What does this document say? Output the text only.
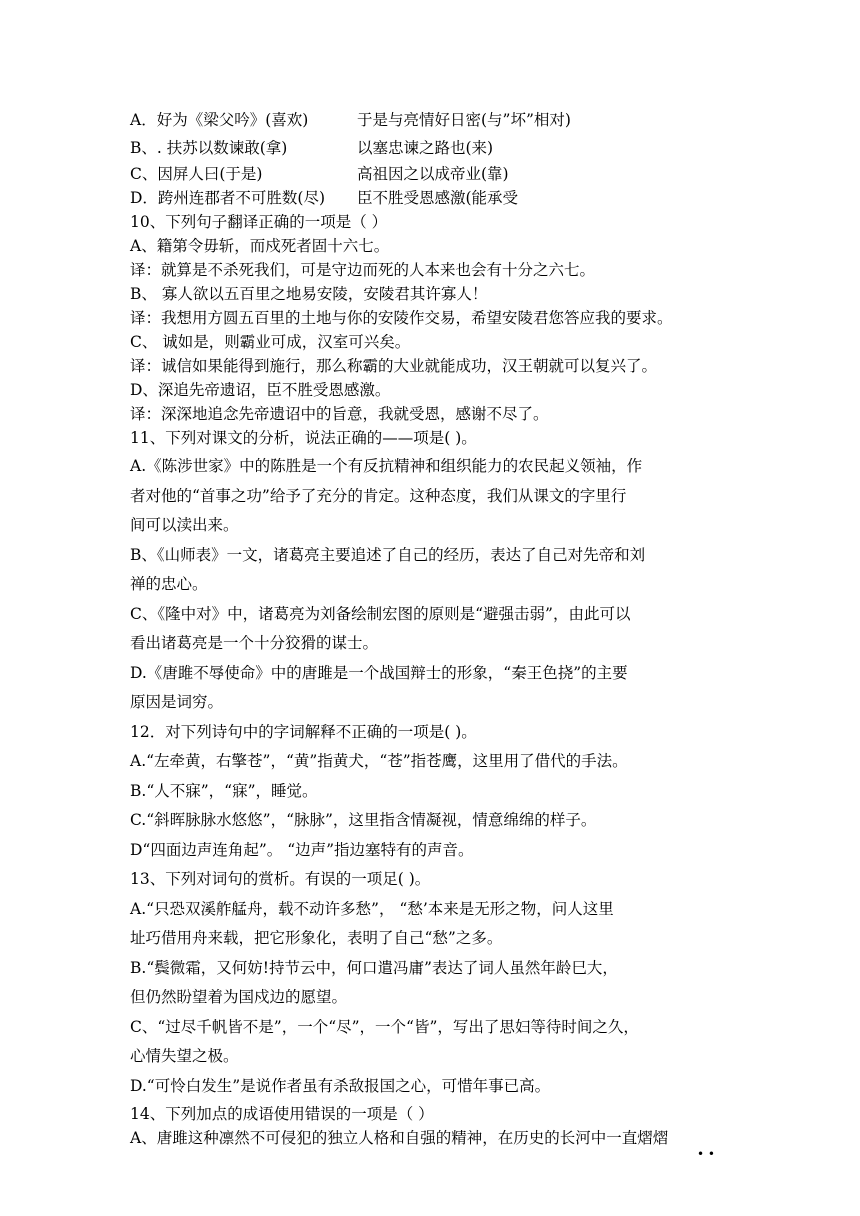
A．好为《梁父吟》(喜欢)	于是与亮情好日密(与”坏”相对)
B、. 扶苏以数谏敢(拿)	以塞忠谏之路也(来)
C、因屏人曰(于是)	高祖因之以成帝业(靠)
D．跨州连郡者不可胜数(尽) 臣不胜受恩感激(能承受
10、下列句子翻译正确的一项是（ ）
A、籍第令毋斩，而戍死者固十六七。
译：就算是不杀死我们，可是守边而死的人本来也会有十分之六七。
B、 寡人欲以五百里之地易安陵，安陵君其许寡人！
译：我想用方圆五百里的土地与你的安陵作交易，希望安陵君您答应我的要求。
C、 诚如是，则霸业可成，汉室可兴矣。
译：诚信如果能得到施行，那么称霸的大业就能成功，汉王朝就可以复兴了。
D、深追先帝遗诏，臣不胜受恩感激。
译：深深地追念先帝遗诏中的旨意，我就受恩，感谢不尽了。
11、下列对课文的分析，说法正确的——项是( )。
A.《陈涉世家》中的陈胜是一个有反抗精神和组织能力的农民起义领袖，作
者对他的“首事之功”给予了充分的肯定。这种态度，我们从课文的字里行
间可以渎出来。
B、《山师表》一文，诸葛亮主要追述了自己的经历，表达了自己对先帝和刘
禅的忠心。
C、《隆中对》中，诸葛亮为刘备绘制宏图的原则是“避强击弱”，由此可以
看出诸葛亮是一个十分狡猾的谋士。
D.《唐雎不辱使命》中的唐雎是一个战国辩士的形象，“秦王色挠”的主要
原因是词穷。
12．对下列诗句中的字词解释不正确的一项是( )。
A.“左牵黄，右擎苍”，“黄”指黄犬，“苍”指苍鹰，这里用了借代的手法。
B.“人不寐”，“寐”，睡觉。
C.“斜晖脉脉水悠悠”，“脉脉”，这里指含情凝视，情意绵绵的样子。
D“四面边声连角起”。 “边声”指边塞特有的声音。
13、下列对词句的赏析。有误的一项足( )。
A.“只恐双溪舴艋舟，载不动许多愁”， “愁’本来是无形之物，问人这里
址巧借用舟来载，把它形象化，表明了自己“愁”之多。
B.“鬓微霜，又何妨!持节云中，何口遣冯庸”表达了词人虽然年龄巳大，
但仍然盼望着为国戍边的愿望。
C、“过尽千帆皆不是”，一个“尽”，一个“皆”，写出了思妇等待时间之久，
心情失望之极。
D.“可怜白发生”是说作者虽有杀敌报国之心，可惜年事已高。
14、下列加点的成语使用错误的一项是（ ）
A、唐雎这种凛然不可侵犯的独立人格和自强的精神，在历史的长河中一直熠熠
• •
